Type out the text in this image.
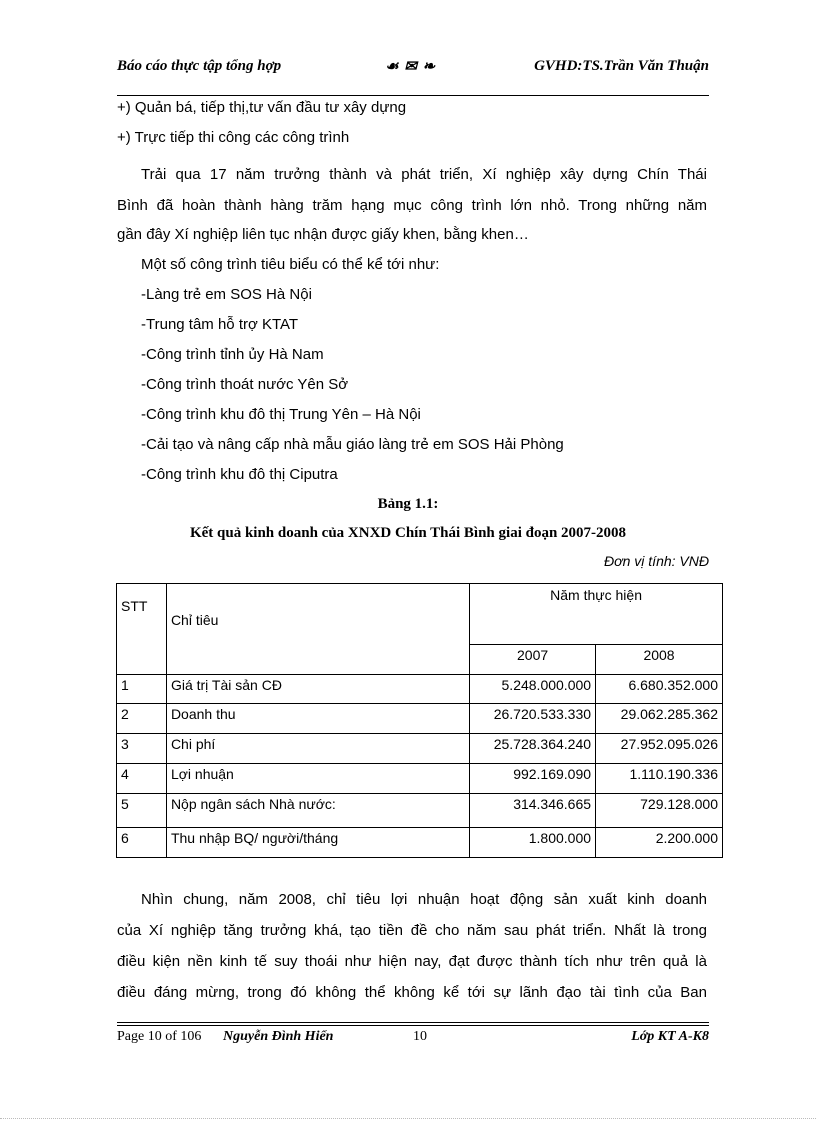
Báo cáo thực tập tổng hợp	☙ ✉ ❧	GVHD:TS.Trần Văn Thuận
+) Quản bá, tiếp thị,tư vấn đầu tư xây dựng
+) Trực tiếp thi công các công trình
Trải qua 17 năm trưởng thành và phát triển, Xí nghiệp xây dựng Chín Thái
Bình đã hoàn thành hàng trăm hạng mục công trình lớn nhỏ. Trong những năm
gần đây Xí nghiệp liên tục nhận được giấy khen, bằng khen…
Một số công trình tiêu biểu có thể kể tới như:
-Làng trẻ em SOS Hà Nội
-Trung tâm hỗ trợ KTAT
-Công trình tỉnh ủy Hà Nam
-Công trình thoát nước Yên Sở
-Công trình khu đô thị Trung Yên – Hà Nội
-Cải tạo và nâng cấp nhà mẫu giáo làng trẻ em SOS Hải Phòng
-Công trình khu đô thị Ciputra
Bảng 1.1:
Kết quả kinh doanh của XNXD Chín Thái Bình giai đoạn 2007-2008
Đơn vị tính: VNĐ
STT	Chỉ tiêu	Năm thực hiện	
		2007	2008
1	Giá trị Tài sản CĐ	5.248.000.000	6.680.352.000
2	Doanh thu	26.720.533.330	29.062.285.362
3	Chi phí	25.728.364.240	27.952.095.026
4	Lợi nhuận	992.169.090	1.110.190.336
5	Nộp ngân sách Nhà nước:	314.346.665	729.128.000
6	Thu nhập BQ/ người/tháng	1.800.000	2.200.000
Nhìn chung, năm 2008, chỉ tiêu lợi nhuận hoạt động sản xuất kinh doanh
của Xí nghiệp tăng trưởng khá, tạo tiền đề cho năm sau phát triển. Nhất là trong
điều kiện nền kinh tế suy thoái như hiện nay, đạt được thành tích như trên quả là
điều đáng mừng, trong đó không thể không kể tới sự lãnh đạo tài tình của Ban
Page 10 of 106 Nguyễn Đình Hiển	10	Lớp KT A-K8
